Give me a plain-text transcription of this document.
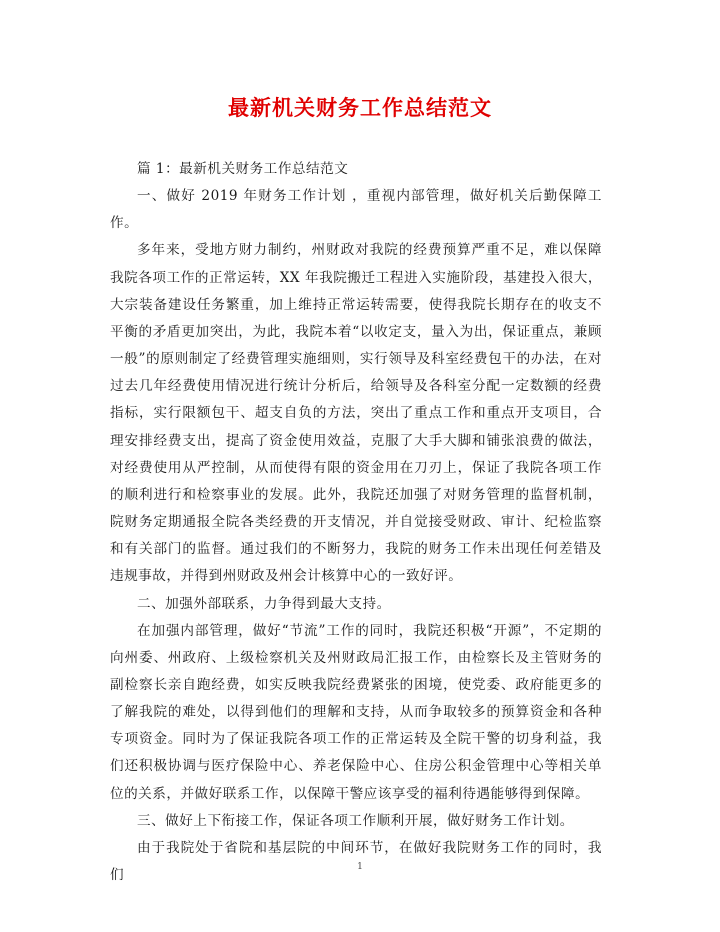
最新机关财务工作总结范文

篇 1：最新机关财务工作总结范文

一、做好 2019 年财务工作计划 ，重视内部管理，做好机关后勤保障工作。

多年来，受地方财力制约，州财政对我院的经费预算严重不足，难以保障我院各项工作的正常运转，XX 年我院搬迁工程进入实施阶段，基建投入很大，大宗装备建设任务繁重，加上维持正常运转需要，使得我院长期存在的收支不平衡的矛盾更加突出，为此，我院本着“以收定支，量入为出，保证重点，兼顾一般”的原则制定了经费管理实施细则，实行领导及科室经费包干的办法，在对过去几年经费使用情况进行统计分析后，给领导及各科室分配一定数额的经费指标，实行限额包干、超支自负的方法，突出了重点工作和重点开支项目，合理安排经费支出，提高了资金使用效益，克服了大手大脚和铺张浪费的做法，对经费使用从严控制，从而使得有限的资金用在刀刃上，保证了我院各项工作的顺利进行和检察事业的发展。此外，我院还加强了对财务管理的监督机制，院财务定期通报全院各类经费的开支情况，并自觉接受财政、审计、纪检监察和有关部门的监督。通过我们的不断努力，我院的财务工作未出现任何差错及违规事故，并得到州财政及州会计核算中心的一致好评。

二、加强外部联系，力争得到最大支持。

在加强内部管理，做好“节流”工作的同时，我院还积极“开源”，不定期的向州委、州政府、上级检察机关及州财政局汇报工作，由检察长及主管财务的副检察长亲自跑经费，如实反映我院经费紧张的困境，使党委、政府能更多的了解我院的难处，以得到他们的理解和支持，从而争取较多的预算资金和各种专项资金。同时为了保证我院各项工作的正常运转及全院干警的切身利益，我们还积极协调与医疗保险中心、养老保险中心、住房公积金管理中心等相关单位的关系，并做好联系工作，以保障干警应该享受的福利待遇能够得到保障。

三、做好上下衔接工作，保证各项工作顺利开展，做好财务工作计划。

由于我院处于省院和基层院的中间环节，在做好我院财务工作的同时，我们

1
